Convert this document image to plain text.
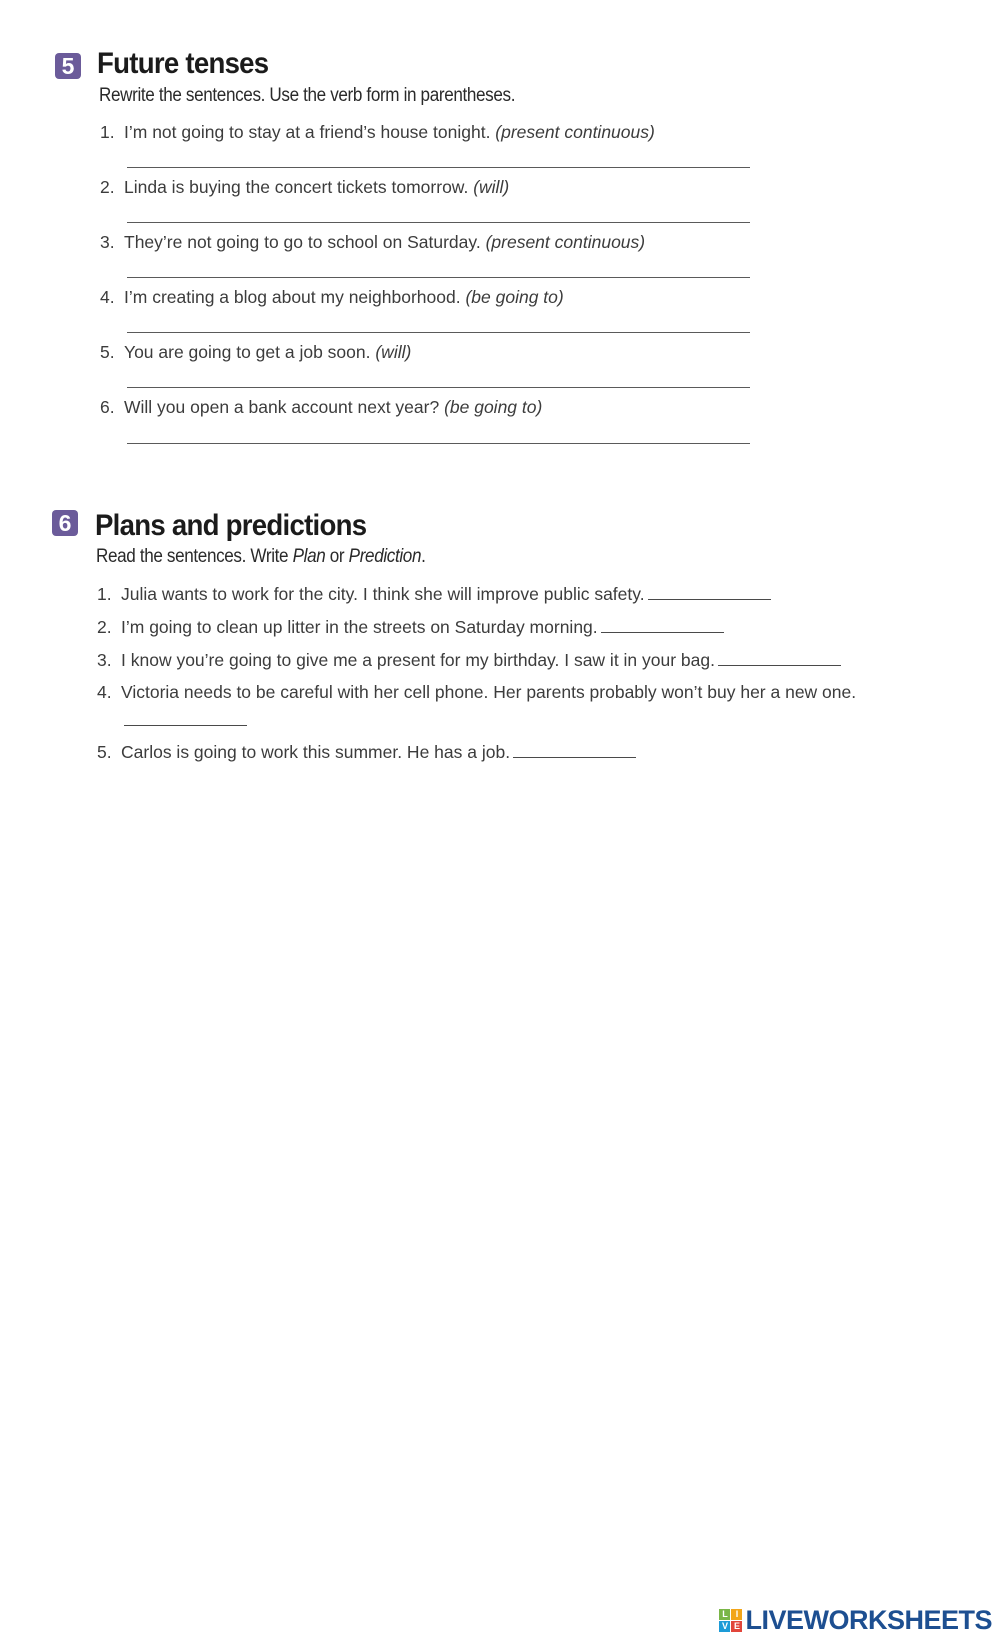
5 Future tenses
Rewrite the sentences. Use the verb form in parentheses.
1. I’m not going to stay at a friend’s house tonight. (present continuous)
2. Linda is buying the concert tickets tomorrow. (will)
3. They’re not going to go to school on Saturday. (present continuous)
4. I’m creating a blog about my neighborhood. (be going to)
5. You are going to get a job soon. (will)
6. Will you open a bank account next year? (be going to)
6 Plans and predictions
Read the sentences. Write Plan or Prediction.
1. Julia wants to work for the city. I think she will improve public safety.
2. I’m going to clean up litter in the streets on Saturday morning.
3. I know you’re going to give me a present for my birthday. I saw it in your bag.
4. Victoria needs to be careful with her cell phone. Her parents probably won’t buy her a new one.
5. Carlos is going to work this summer. He has a job.
L I
V E LIVEWORKSHEETS
